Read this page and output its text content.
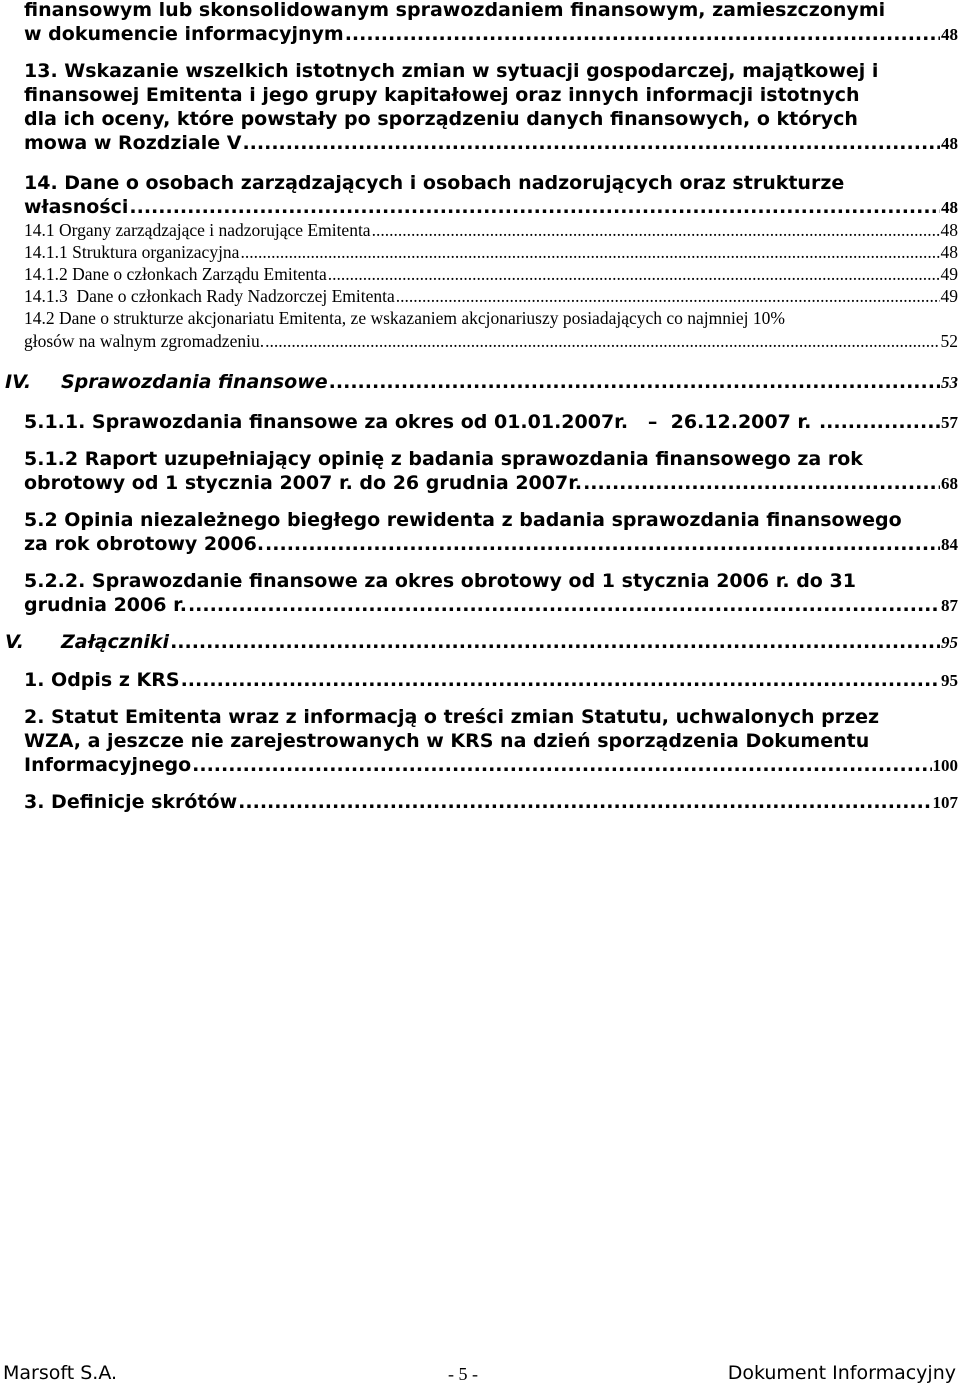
finansowym lub skonsolidowanym sprawozdaniem finansowym, zamieszczonymi
w dokumencie informacyjnym .....	48
13. Wskazanie wszelkich istotnych zmian w sytuacji gospodarczej, majątkowej i
finansowej Emitenta i jego grupy kapitałowej oraz innych informacji istotnych
dla ich oceny, które powstały po sporządzeniu danych finansowych, o których
mowa w Rozdziale V .....	48
14. Dane o osobach zarządzających i osobach nadzorujących oraz strukturze
własności .....	48
14.1 Organy zarządzające i nadzorujące Emitenta .....	48
14.1.1 Struktura organizacyjna .....	48
14.1.2 Dane o członkach Zarządu Emitenta .....	49
14.1.3  Dane o członkach Rady Nadzorczej Emitenta .....	49
14.2 Dane o strukturze akcjonariatu Emitenta, ze wskazaniem akcjonariuszy posiadających co najmniej 10%
głosów na walnym zgromadzeniu. .....	52
IV.	Sprawozdania finansowe .....	53
5.1.1. Sprawozdania finansowe za okres od 01.01.2007r.   –  26.12.2007 r. .....	57
5.1.2 Raport uzupełniający opinię z badania sprawozdania finansowego za rok
obrotowy od 1 stycznia 2007 r. do 26 grudnia 2007r. .....	68
5.2 Opinia niezależnego biegłego rewidenta z badania sprawozdania finansowego
za rok obrotowy 2006. .....	84
5.2.2. Sprawozdanie finansowe za okres obrotowy od 1 stycznia 2006 r. do 31
grudnia 2006 r. .....	87
V.	Załączniki .....	95
1. Odpis z KRS .....	95
2. Statut Emitenta wraz z informacją o treści zmian Statutu, uchwalonych przez
WZA, a jeszcze nie zarejestrowanych w KRS na dzień sporządzenia Dokumentu
Informacyjnego .....	100
3. Definicje skrótów .....	107
Marsoft S.A.	- 5 -	Dokument Informacyjny
